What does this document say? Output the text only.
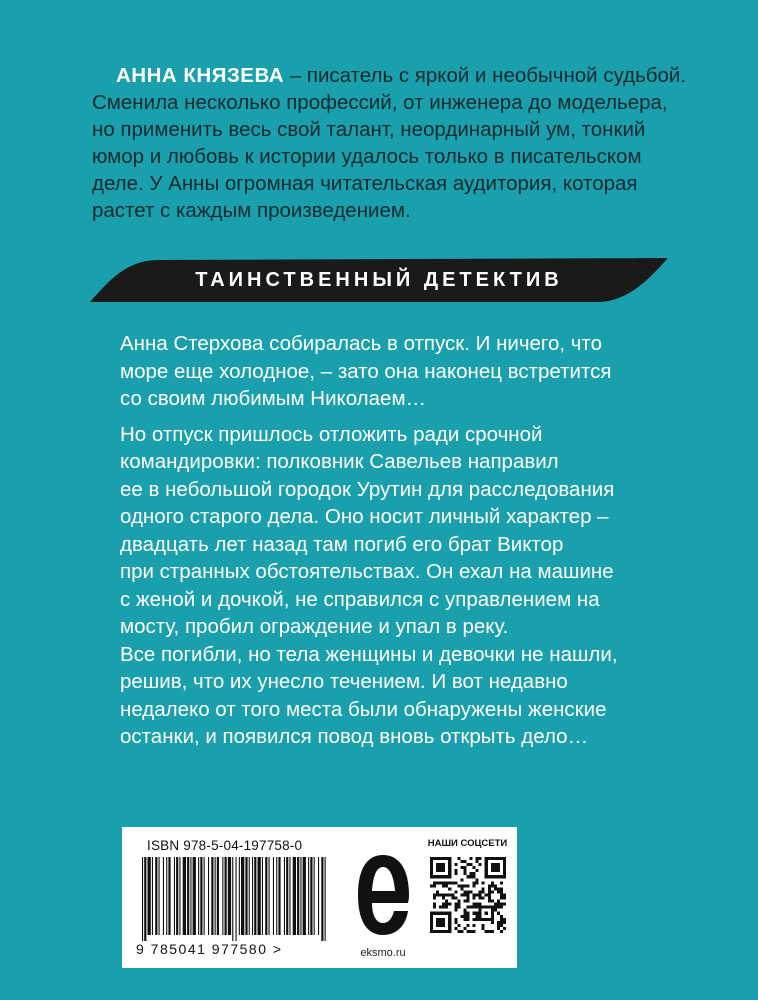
АННА КНЯЗЕВА – писатель с яркой и необычной судьбой.
Сменила несколько профессий, от инженера до модельера,
но применить весь свой талант, неординарный ум, тонкий
юмор и любовь к истории удалось только в писательском
деле. У Анны огромная читательская аудитория, которая
растет с каждым произведением.
ТАИНСТВЕННЫЙ ДЕТЕКТИВ
Анна Стерхова собиралась в отпуск. И ничего, что
море еще холодное, – зато она наконец встретится
со своим любимым Николаем…
Но отпуск пришлось отложить ради срочной
командировки: полковник Савельев направил
ее в небольшой городок Урутин для расследования
одного старого дела. Оно носит личный характер –
двадцать лет назад там погиб его брат Виктор
при странных обстоятельствах. Он ехал на машине
с женой и дочкой, не справился с управлением на
мосту, пробил ограждение и упал в реку.
Все погибли, но тела женщины и девочки не нашли,
решив, что их унесло течением. И вот недавно
недалеко от того места были обнаружены женские
останки, и появился повод вновь открыть дело…
ISBN 978-5-04-197758-0
9 785041 977580 >	eksmo.ru
НАШИ СОЦСЕТИ
